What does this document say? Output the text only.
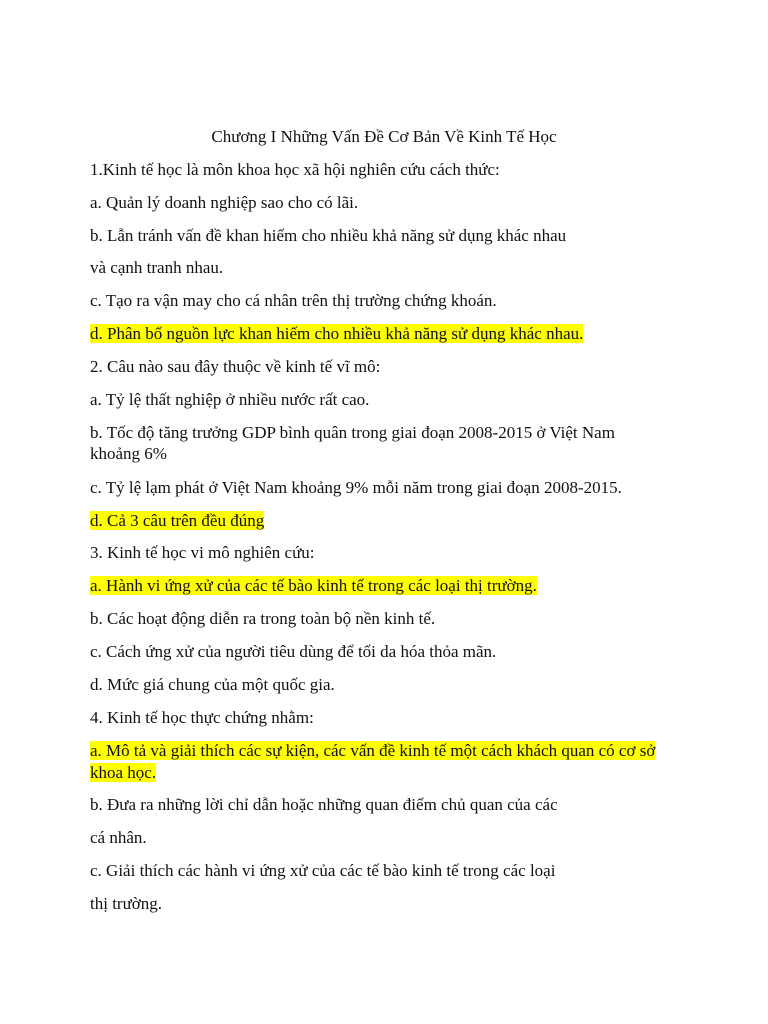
Chương I Những Vấn Đề Cơ Bản Về Kinh Tế Học
1.Kinh tế học là môn khoa học xã hội nghiên cứu cách thức:
a. Quản lý doanh nghiệp sao cho có lãi.
b. Lẫn tránh vấn đề khan hiếm cho nhiều khả năng sử dụng khác nhau
và cạnh tranh nhau.
c. Tạo ra vận may cho cá nhân trên thị trường chứng khoán.
d. Phân bổ nguồn lực khan hiếm cho nhiều khả năng sử dụng khác nhau.
2. Câu nào sau đây thuộc về kinh tế vĩ mô:
a. Tỷ lệ thất nghiệp ở nhiều nước rất cao.
b. Tốc độ tăng trưởng GDP bình quân trong giai đoạn 2008-2015 ở Việt Nam
khoảng 6%
c. Tỷ lệ lạm phát ở Việt Nam khoảng 9% mỗi năm trong giai đoạn 2008-2015.
d. Cả 3 câu trên đều đúng
3. Kinh tế học vi mô nghiên cứu:
a. Hành vi ứng xử của các tế bào kinh tế trong các loại thị trường.
b. Các hoạt động diễn ra trong toàn bộ nền kinh tế.
c. Cách ứng xử của người tiêu dùng để tối da hóa thỏa mãn.
d. Mức giá chung của một quốc gia.
4. Kinh tế học thực chứng nhằm:
a. Mô tả và giải thích các sự kiện, các vấn đề kinh tế một cách khách quan có cơ sở
khoa học.
b. Đưa ra những lời chỉ dẫn hoặc những quan điểm chủ quan của các
cá nhân.
c. Giải thích các hành vi ứng xử của các tế bào kinh tế trong các loại
thị trường.
